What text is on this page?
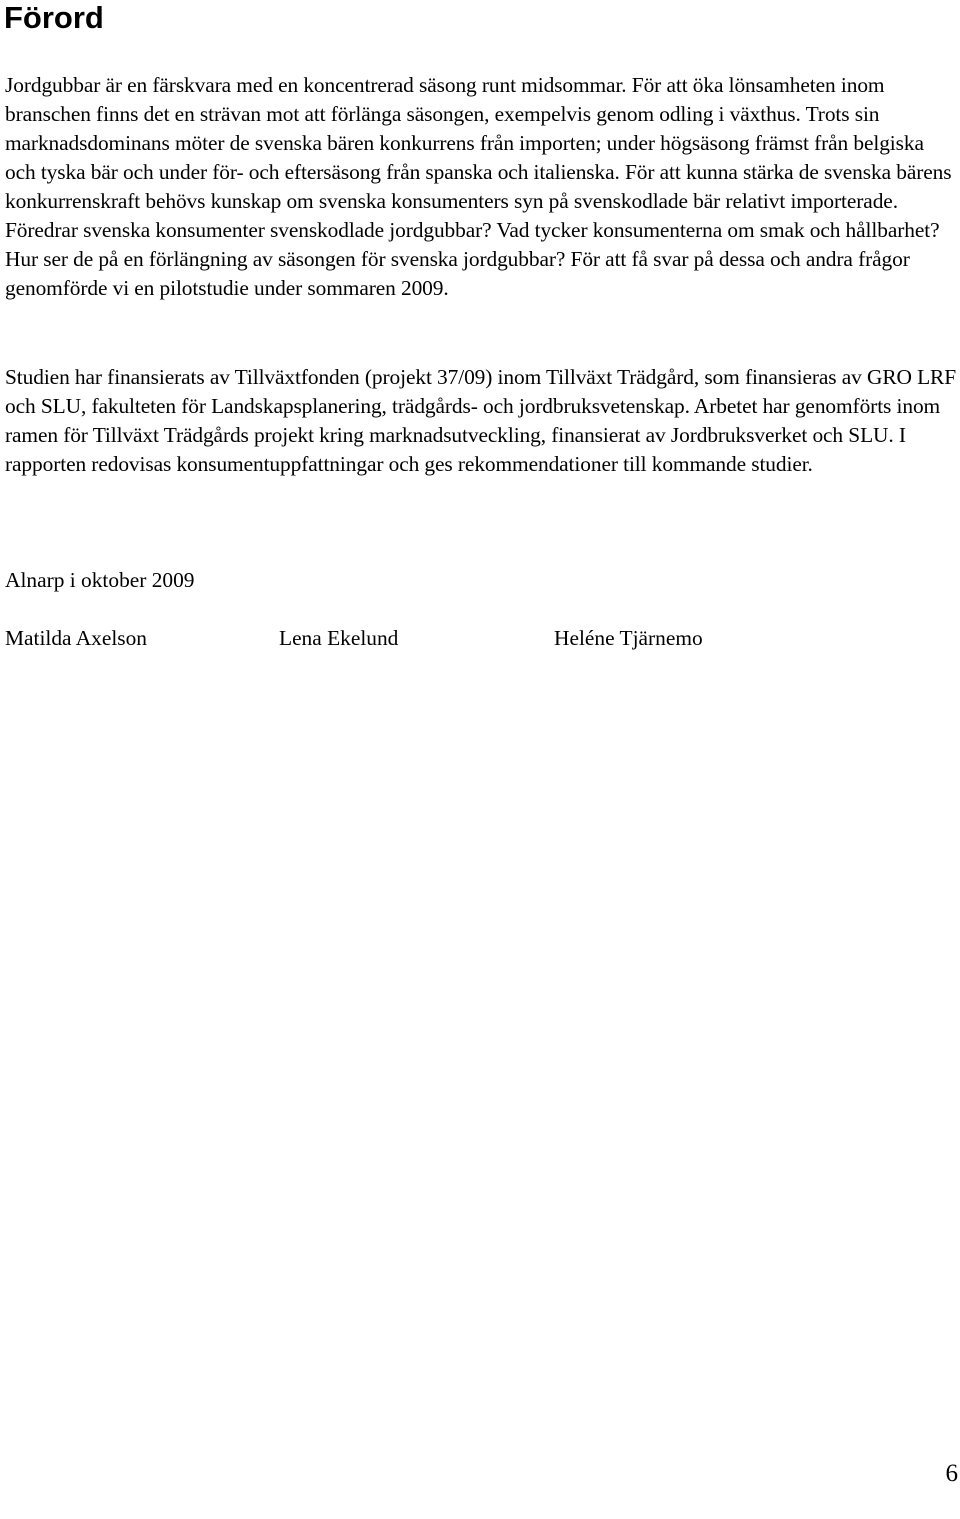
Förord

Jordgubbar är en färskvara med en koncentrerad säsong runt midsommar. För att öka lönsamheten inom branschen finns det en strävan mot att förlänga säsongen, exempelvis genom odling i växthus. Trots sin marknadsdominans möter de svenska bären konkurrens från importen; under högsäsong främst från belgiska och tyska bär och under för- och eftersäsong från spanska och italienska. För att kunna stärka de svenska bärens konkurrenskraft behövs kunskap om svenska konsumenters syn på svenskodlade bär relativt importerade. Föredrar svenska konsumenter svenskodlade jordgubbar? Vad tycker konsumenterna om smak och hållbarhet? Hur ser de på en förlängning av säsongen för svenska jordgubbar? För att få svar på dessa och andra frågor genomförde vi en pilotstudie under sommaren 2009.

Studien har finansierats av Tillväxtfonden (projekt 37/09) inom Tillväxt Trädgård, som finansieras av GRO LRF och SLU, fakulteten för Landskapsplanering, trädgårds- och jordbruksvetenskap. Arbetet har genomförts inom ramen för Tillväxt Trädgårds projekt kring marknadsutveckling, finansierat av Jordbruksverket och SLU. I rapporten redovisas konsumentuppfattningar och ges rekommendationer till kommande studier.

Alnarp i oktober 2009

Matilda Axelson	Lena Ekelund	Heléne Tjärnemo

6
